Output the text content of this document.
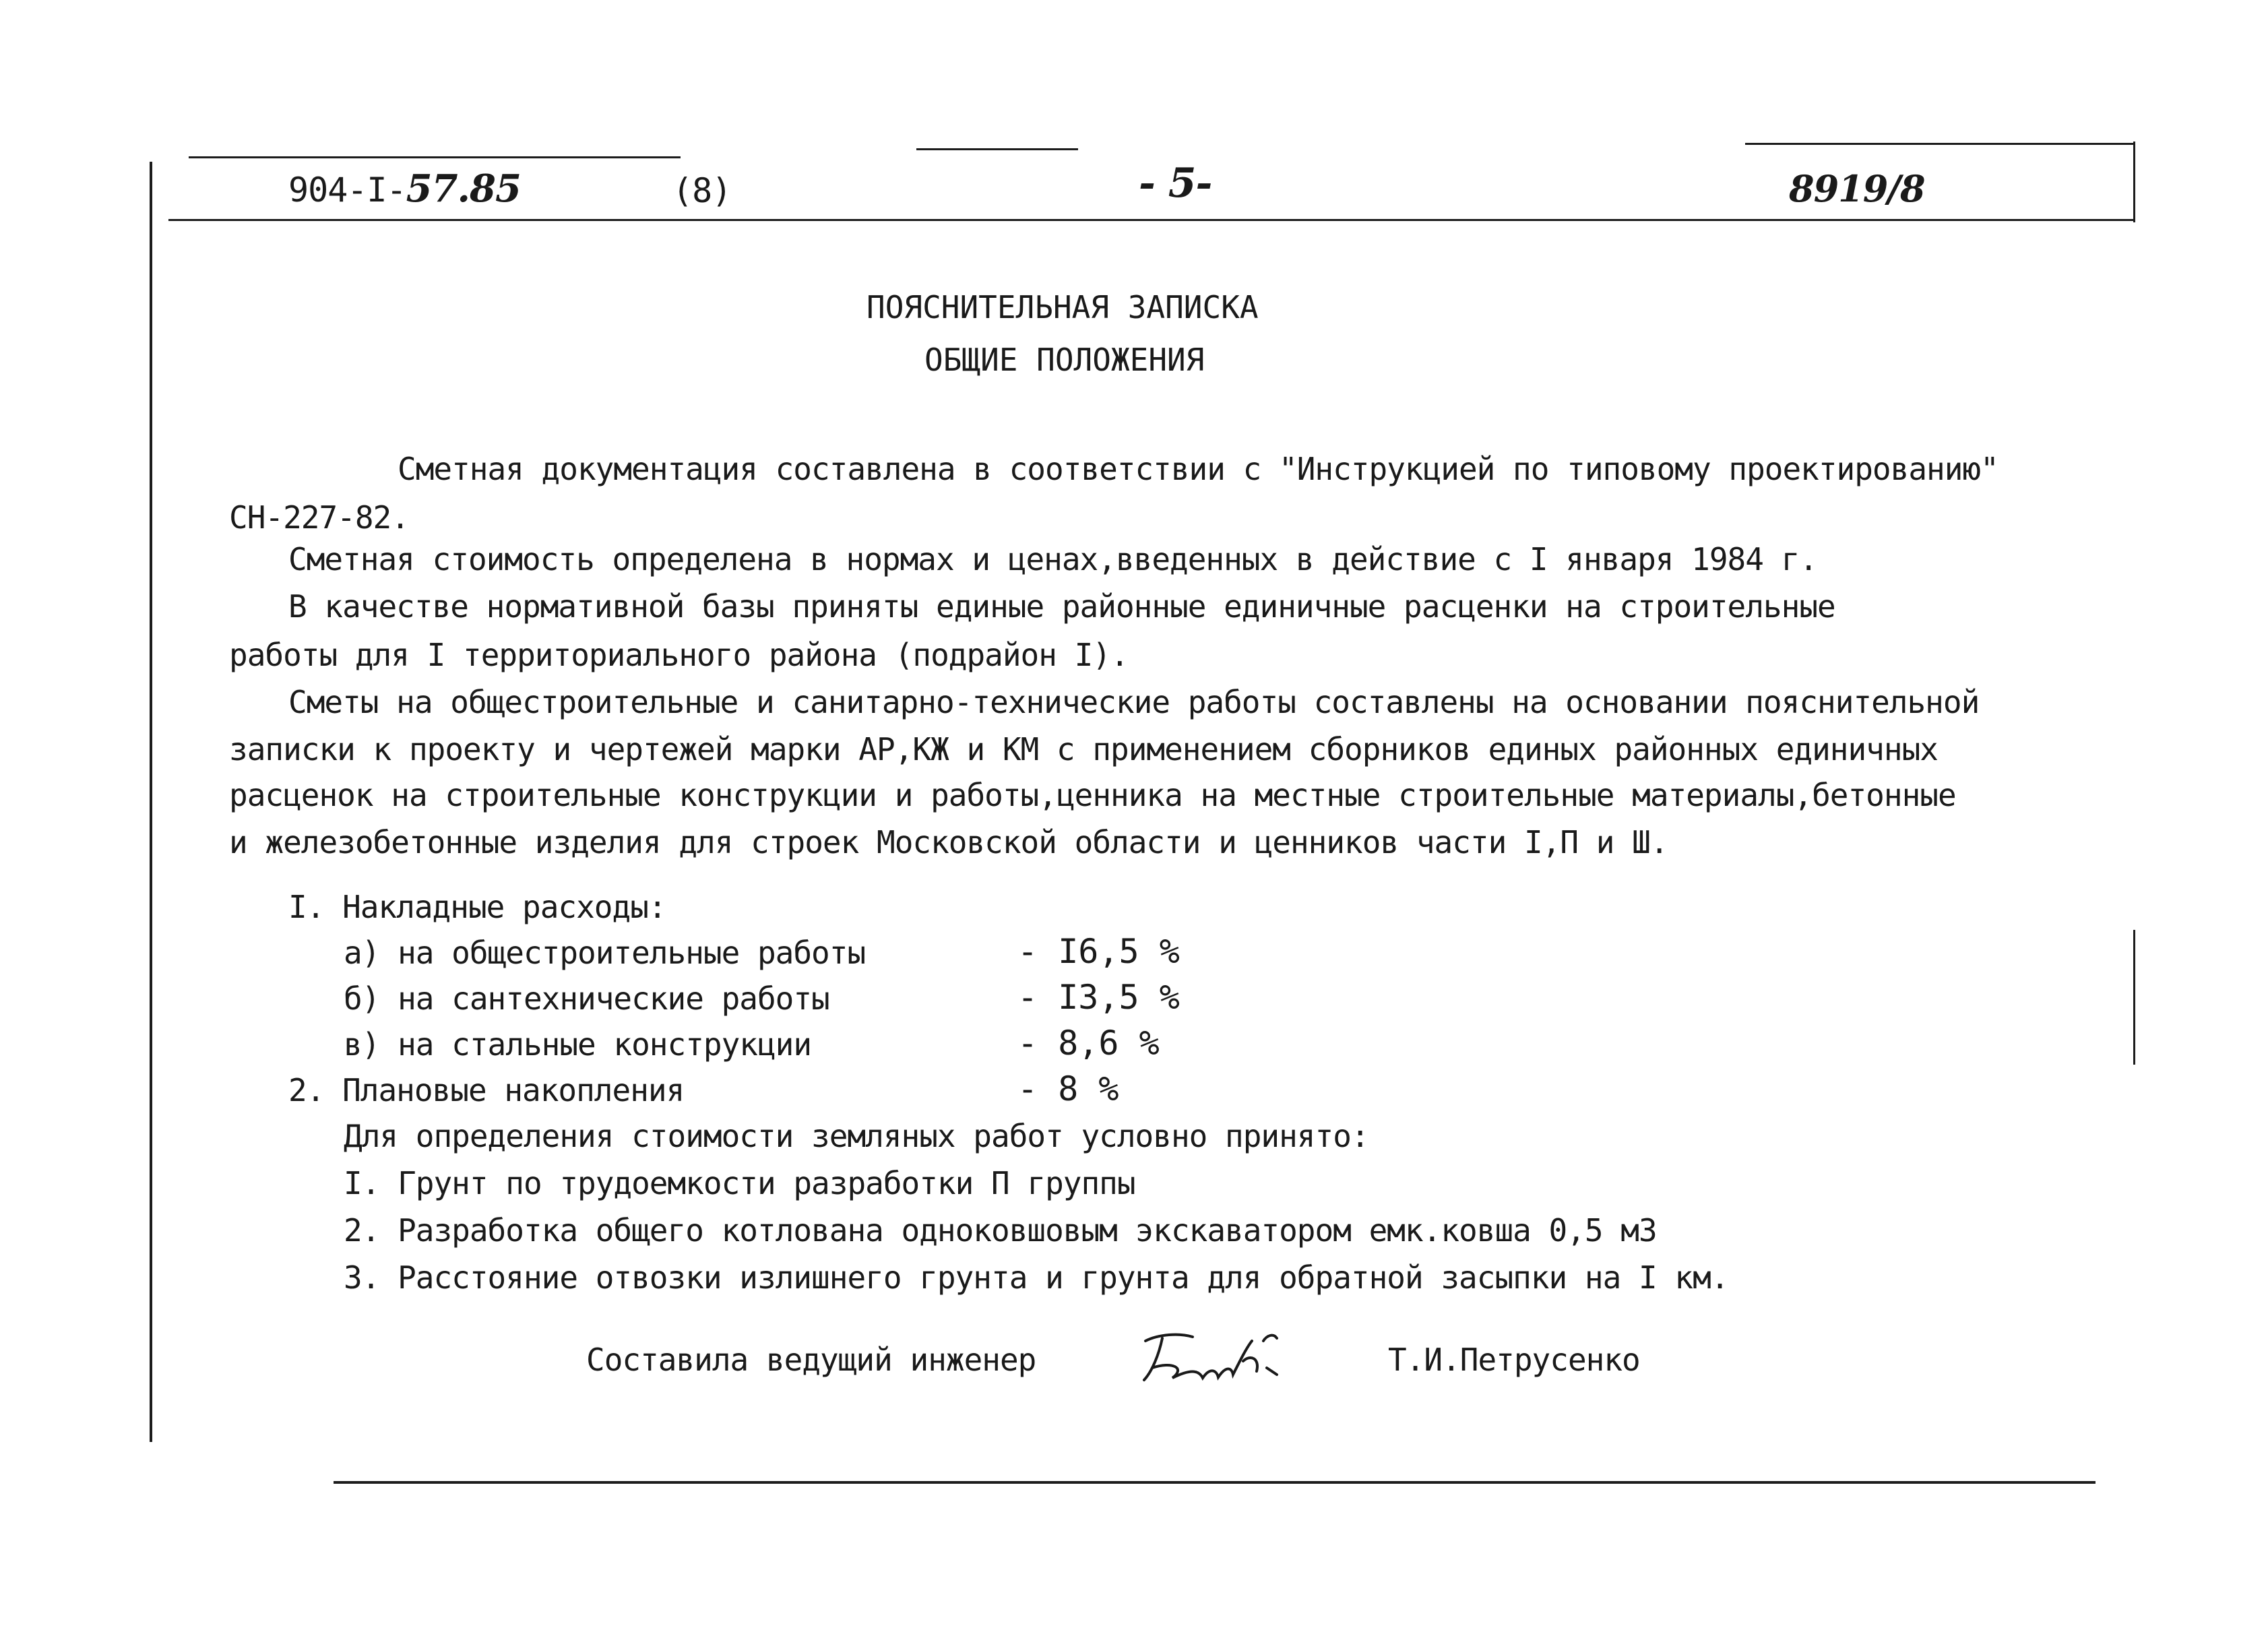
904-I-57.85	(8)	- 5-	8919/8
ПОЯСНИТЕЛЬНАЯ ЗАПИСКА
ОБЩИЕ ПОЛОЖЕНИЯ
Сметная документация составлена в соответствии с "Инструкцией по типовому проектированию"
СН-227-82.
Сметная стоимость определена в нормах и ценах,введенных в действие с I января 1984 г.
В качестве нормативной базы приняты единые районные единичные расценки на строительные
работы для I территориального района (подрайон I).
Сметы на общестроительные и санитарно-технические работы составлены на основании пояснительной
записки к проекту и чертежей марки АР,КЖ и КМ с применением сборников единых районных единичных
расценок на строительные конструкции и работы,ценника на местные строительные материалы,бетонные
и железобетонные изделия для строек Московской области и ценников части I,П и Ш.
I. Накладные расходы:
а) на общестроительные работы	- I6,5 %
б) на сантехнические работы	- I3,5 %
в) на стальные конструкции	- 8,6 %
2. Плановые накопления	- 8 %
Для определения стоимости земляных работ условно принято:
I. Грунт по трудоемкости разработки П группы
2. Разработка общего котлована одноковшовым экскаватором емк.ковша 0,5 м3
3. Расстояние отвозки излишнего грунта и грунта для обратной засыпки на I км.
Составила ведущий инженер	Т.И.Петрусенко
